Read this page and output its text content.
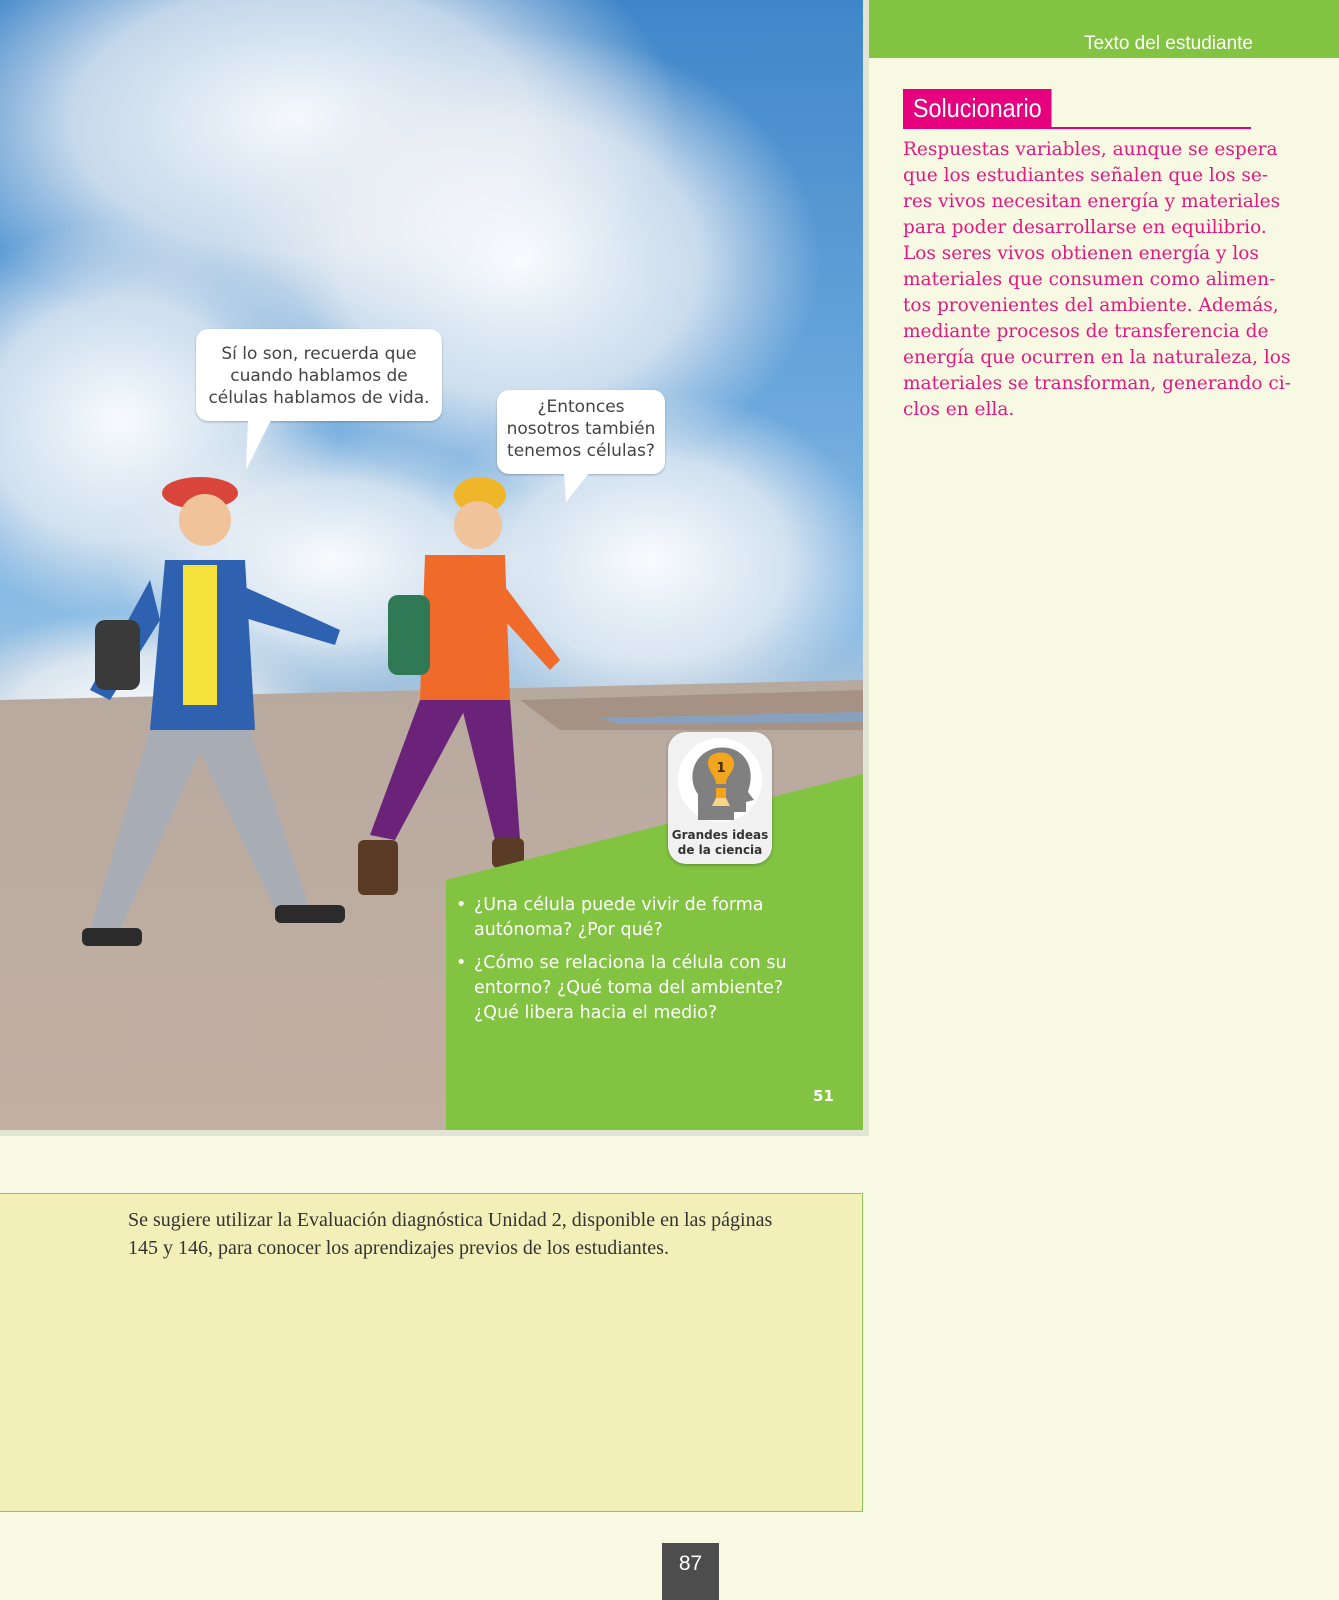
Texto del estudiante
Sí lo son, recuerda que
cuando hablamos de
células hablamos de vida.	¿Entonces
nosotros también
tenemos células?
1
Grandes ideas
de la ciencia
• ¿Una célula puede vivir de forma
autónoma? ¿Por qué?
• ¿Cómo se relaciona la célula con su
entorno? ¿Qué toma del ambiente?
¿Qué libera hacia el medio?
51
Solucionario

Respuestas variables, aunque se espera
que los estudiantes señalen que los se-
res vivos necesitan energía y materiales
para poder desarrollarse en equilibrio.
Los seres vivos obtienen energía y los
materiales que consumen como alimen-
tos provenientes del ambiente. Además,
mediante procesos de transferencia de
energía que ocurren en la naturaleza, los
materiales se transforman, generando ci-
clos en ella.

Se sugiere utilizar la Evaluación diagnóstica Unidad 2, disponible en las páginas
145 y 146, para conocer los aprendizajes previos de los estudiantes.

87
